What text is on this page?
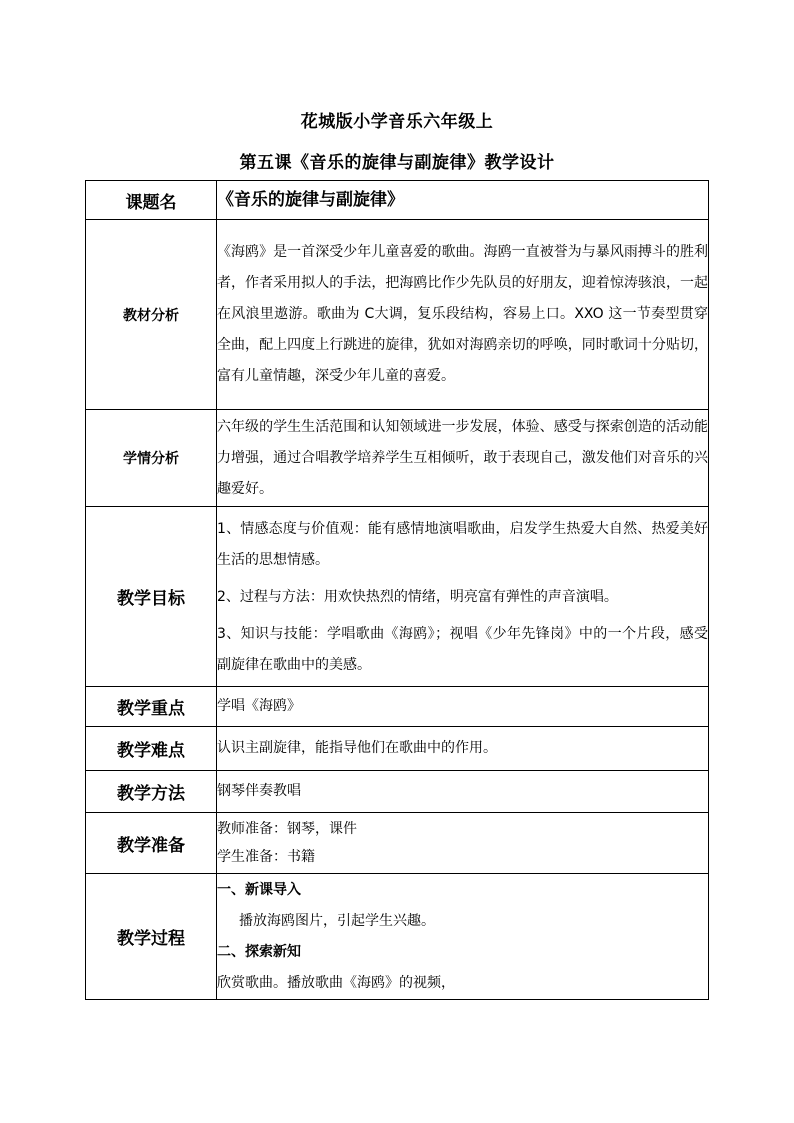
花城版小学音乐六年级上
第五课《音乐的旋律与副旋律》教学设计
课题名	《音乐的旋律与副旋律》
教材分析	《海鸥》是一首深受少年儿童喜爱的歌曲。海鸥一直被誉为与暴风雨搏斗的胜利者，作者采用拟人的手法，把海鸥比作少先队员的好朋友，迎着惊涛骇浪，一起在风浪里遨游。歌曲为 C大调，复乐段结构，容易上口。XXO 这一节奏型贯穿全曲，配上四度上行跳进的旋律，犹如对海鸥亲切的呼唤，同时歌词十分贴切，富有儿童情趣，深受少年儿童的喜爱。

学情分析	六年级的学生生活范围和认知领域进一步发展，体验、感受与探索创造的活动能力增强，通过合唱教学培养学生互相倾听，敢于表现自己，激发他们对音乐的兴趣爱好。

教学目标	1、情感态度与价值观：能有感情地演唱歌曲，启发学生热爱大自然、热爱美好生活的思想情感。
2、过程与方法：用欢快热烈的情绪，明亮富有弹性的声音演唱。
3、知识与技能：学唱歌曲《海鸥》；视唱《少年先锋岗》中的一个片段，感受副旋律在歌曲中的美感。

教学重点	学唱《海鸥》
教学难点	认识主副旋律，能指导他们在歌曲中的作用。
教学方法	钢琴伴奏教唱
教学准备	教师准备：钢琴，课件
学生准备：书籍

教学过程	一、新课导入
播放海鸥图片，引起学生兴趣。
二、探索新知
欣赏歌曲。播放歌曲《海鸥》的视频，
